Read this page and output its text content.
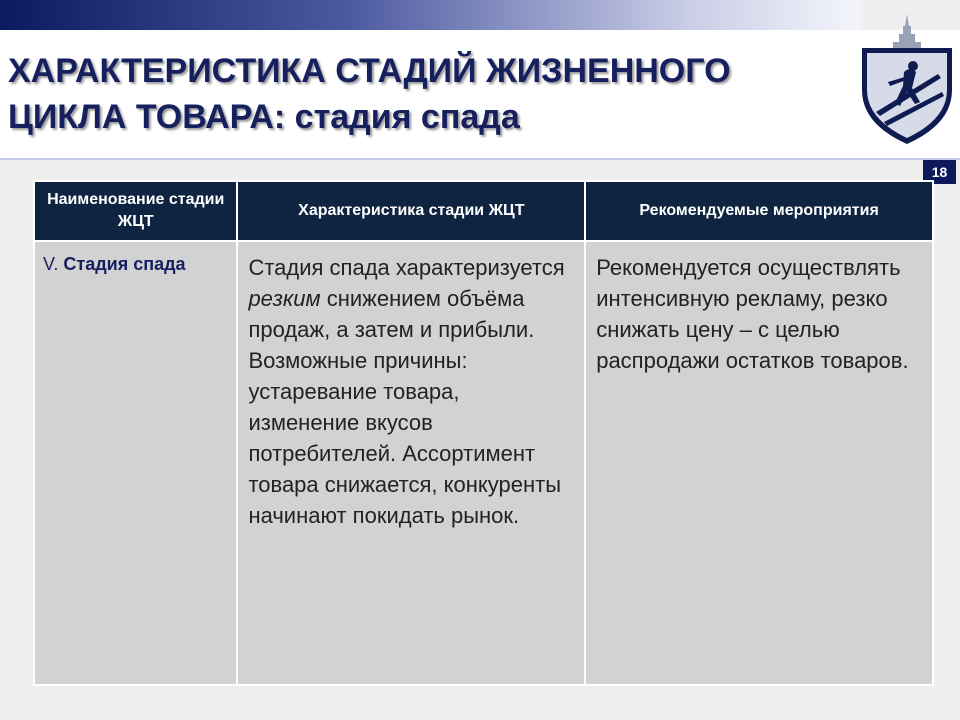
ХАРАКТЕРИСТИКА СТАДИЙ ЖИЗНЕННОГО
ЦИКЛА ТОВАРА: стадия спада
18
Наименование стадии ЖЦТ	Характеристика стадии ЖЦТ	Рекомендуемые мероприятия
V. Стадия спада	Стадия спада характеризуется резким снижением объёма продаж, а затем и прибыли. Возможные причины: устаревание товара, изменение вкусов потребителей. Ассортимент товара снижается, конкуренты начинают покидать рынок.	Рекомендуется осуществлять интенсивную рекламу, резко снижать цену – с целью распродажи остатков товаров.
